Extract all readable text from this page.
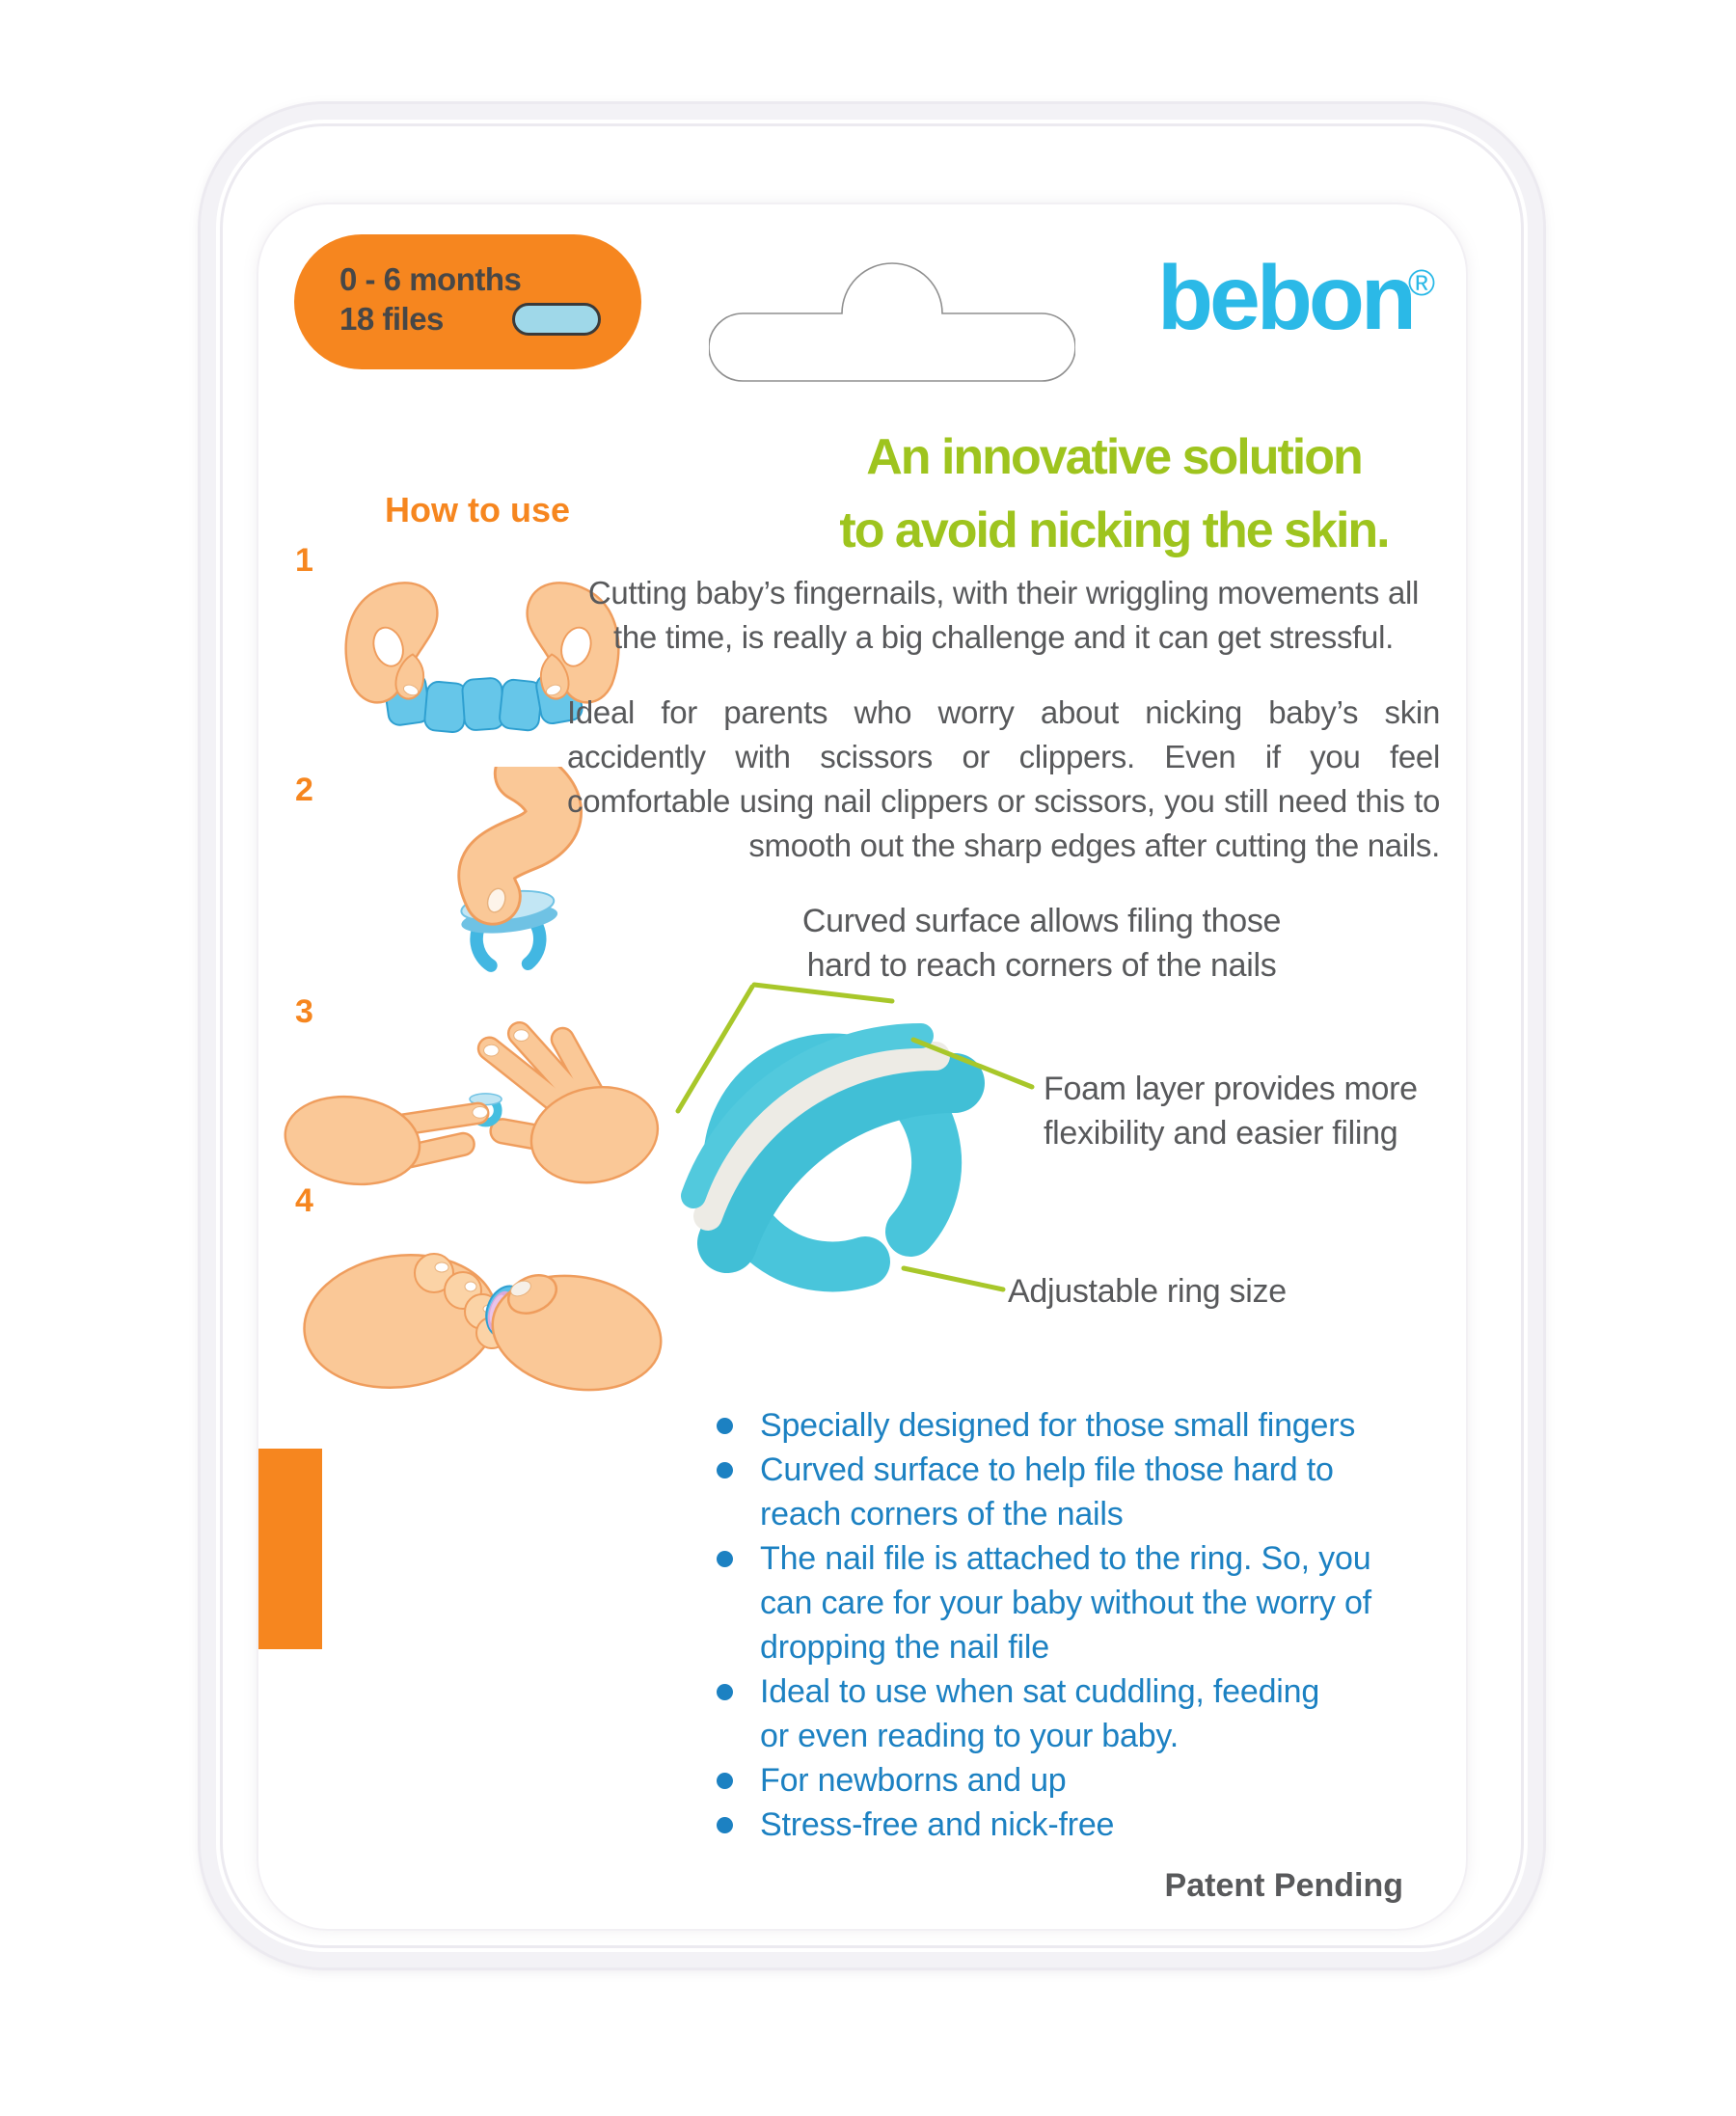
0 - 6 months
18 files	bebon
®
An innovative solution
to avoid nicking the skin.
How to use
1
2
3
4
Cutting baby’s fingernails, with their wriggling movements all the time, is really a big challenge and it can get stressful.
Ideal for parents who worry about nicking baby’s skin accidently with scissors or clippers. Even if you feel comfortable using nail clippers or scissors, you still need this to smooth out the sharp edges after cutting the nails.
Curved surface allows filing those hard to reach corners of the nails
Foam layer provides more flexibility and easier filing
Adjustable ring size
Specially designed for those small fingers
Curved surface to help file those hard to reach corners of the nails
The nail file is attached to the ring. So, you can care for your baby without the worry of dropping the nail file
Ideal to use when sat cuddling, feeding or even reading to your baby.
For newborns and up
Stress-free and nick-free
Patent Pending
